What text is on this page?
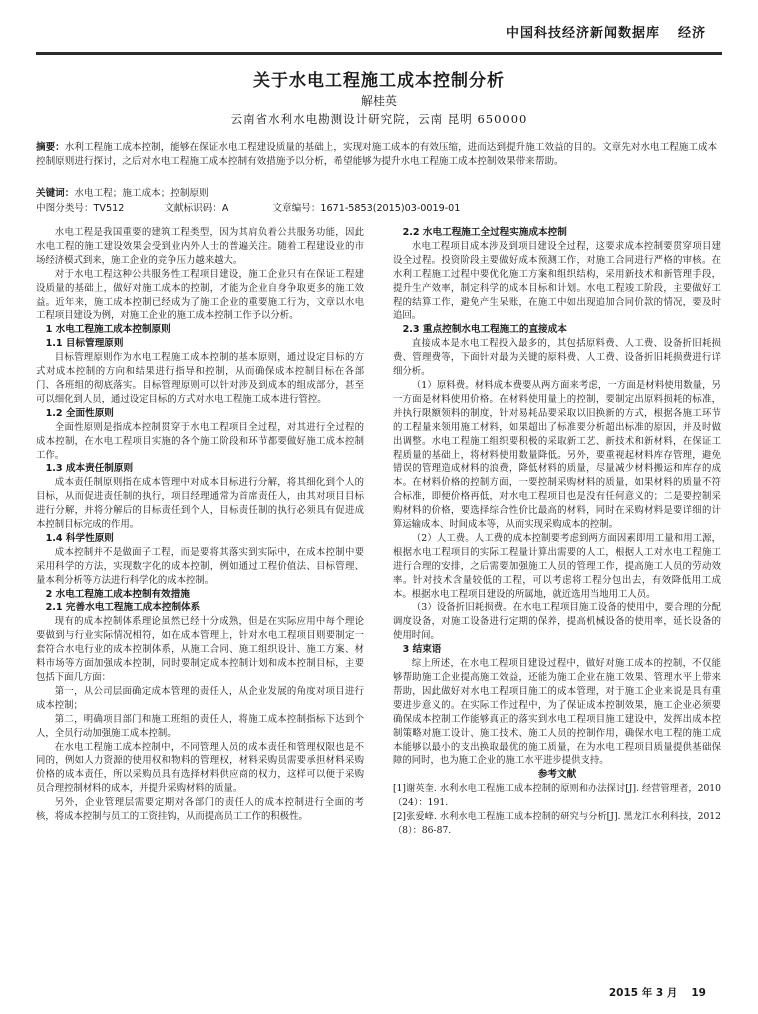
中国科技经济新闻数据库 经济
关于水电工程施工成本控制分析
解桂英
云南省水利水电勘测设计研究院，云南 昆明 650000
摘要：水利工程施工成本控制，能够在保证水电工程建设质量的基础上，实现对施工成本的有效压缩，进而达到提升施工效益的目的。文章先对水电工程施工成本控制原则进行探讨，之后对水电工程施工成本控制有效措施予以分析，希望能够为提升水电工程施工成本控制效果带来帮助。
关键词：水电工程；施工成本；控制原则
中图分类号：TV512	文献标识码：A	文章编号：1671-5853(2015)03-0019-01

水电工程是我国重要的建筑工程类型，因为其肩负着公共服务功能，因此水电工程的施工建设效果会受到业内外人士的普遍关注。随着工程建设业的市场经济模式到来，施工企业的竞争压力越来越大。

对于水电工程这种公共服务性工程项目建设，施工企业只有在保证工程建设质量的基础上，做好对施工成本的控制，才能为企业自身争取更多的施工效益。近年来，施工成本控制已经成为了施工企业的重要施工行为，文章以水电工程项目建设为例，对施工企业的施工成本控制工作予以分析。

1 水电工程施工成本控制原则
1.1 目标管理原则

目标管理原则作为水电工程施工成本控制的基本原则，通过设定目标的方式对成本控制的方向和结果进行指导和控制，从而确保成本控制目标在各部门、各班组的彻底落实。目标管理原则可以针对涉及到成本的组成部分，甚至可以细化到人员，通过设定目标的方式对水电工程施工成本进行管控。

1.2 全面性原则

全面性原则是指成本控制贯穿于水电工程项目全过程，对其进行全过程的成本控制，在水电工程项目实施的各个施工阶段和环节都要做好施工成本控制工作。

1.3 成本责任制原则

成本责任制原则指在成本管理中对成本目标进行分解，将其细化到个人的目标，从而促进责任制的执行，项目经理通常为首席责任人，由其对项目目标进行分解，并将分解后的目标责任到个人，目标责任制的执行必须具有促进成本控制目标完成的作用。

1.4 科学性原则

成本控制并不是做面子工程，而是要将其落实到实际中，在成本控制中要采用科学的方法，实现数字化的成本控制，例如通过工程价值法、目标管理、量本利分析等方法进行科学化的成本控制。

2 水电工程施工成本控制有效措施
2.1 完善水电工程施工成本控制体系

现有的成本控制体系理论虽然已经十分成熟，但是在实际应用中每个理论要做到与行业实际情况相符，如在成本管理上，针对水电工程项目则要制定一套符合水电行业的成本控制体系，从施工合同、施工组织设计、施工方案、材料市场等方面加强成本控制，同时要制定成本控制计划和成本控制目标，主要包括下面几方面：

第一，从公司层面确定成本管理的责任人，从企业发展的角度对项目进行成本控制；

第二，明确项目部门和施工班组的责任人，将施工成本控制指标下达到个人，全员行动加强施工成本控制。

在水电工程施工成本控制中，不同管理人员的成本责任和管理权限也是不同的，例如人力资源的使用权和物料的管理权，材料采购员需要承担材料采购价格的成本责任，所以采购员具有选择材料供应商的权力，这样可以便于采购员合理控制材料的成本，并提升采购材料的质量。

另外，企业管理层需要定期对各部门的责任人的成本控制进行全面的考核，将成本控制与员工的工资挂钩，从而提高员工工作的积极性。

2.2 水电工程施工全过程实施成本控制

水电工程项目成本涉及到项目建设全过程，这要求成本控制要贯穿项目建设全过程。投资阶段主要做好成本预测工作，对施工合同进行严格的审核。在水利工程施工过程中要优化施工方案和组织结构，采用新技术和新管理手段，提升生产效率，制定科学的成本目标和计划。水电工程竣工阶段，主要做好工程的结算工作，避免产生呆账，在施工中如出现追加合同价款的情况，要及时追回。

2.3 重点控制水电工程施工的直接成本

直接成本是水电工程投入最多的，其包括原料费、人工费、设备折旧耗损费、管理费等，下面针对最为关键的原料费、人工费、设备折旧耗损费进行详细分析。

（1）原料费。材料成本费要从两方面来考虑，一方面是材料使用数量，另一方面是材料使用价格。在材料使用量上的控制，要制定出原料损耗的标准，并执行限额领料的制度，针对易耗品要采取以旧换新的方式，根据各施工环节的工程量来领用施工材料，如果超出了标准要分析超出标准的原因，并及时做出调整。水电工程施工组织要积极的采取新工艺、新技术和新材料，在保证工程质量的基础上，将材料使用数量降低。另外，要重视起材料库存管理，避免错误的管理造成材料的浪费，降低材料的质量，尽量减少材料搬运和库存的成本。在材料价格的控制方面，一要控制采购材料的质量，如果材料的质量不符合标准，即便价格再低，对水电工程项目也是没有任何意义的；二是要控制采购材料的价格，要选择综合性价比最高的材料，同时在采购材料是要详细的计算运输成本、时间成本等，从而实现采购成本的控制。

（2）人工费。人工费的成本控制要考虑到两方面因素即用工量和用工源，根据水电工程项目的实际工程量计算出需要的人工，根据人工对水电工程施工进行合理的安排，之后需要加强施工人员的管理工作，提高施工人员的劳动效率。针对技术含量较低的工程，可以考虑将工程分包出去，有效降低用工成本。根据水电工程项目建设的所属地，就近选用当地用工人员。

（3）设备折旧耗损费。在水电工程项目施工设备的使用中，要合理的分配调度设备，对施工设备进行定期的保养，提高机械设备的使用率，延长设备的使用时间。

3 结束语

综上所述，在水电工程项目建设过程中，做好对施工成本的控制，不仅能够帮助施工企业提高施工效益，还能为施工企业在施工效果、管理水平上带来帮助，因此做好对水电工程项目施工的成本管理，对于施工企业来说是具有重要进步意义的。在实际工作过程中，为了保证成本控制效果，施工企业必须要确保成本控制工作能够真正的落实到水电工程项目施工建设中，发挥出成本控制策略对施工设计、施工技术、施工人员的控制作用，确保水电工程的施工成本能够以最小的支出换取最优的施工质量，在为水电工程项目质量提供基础保障的同时，也为施工企业的施工水平进步提供支持。

参考文献

[1]谢英奎. 水利水电工程施工成本控制的原则和办法探讨[J]. 经营管理者，2010（24）：191.

[2]张爱峰. 水利水电工程施工成本控制的研究与分析[J]. 黑龙江水利科技，2012（8）：86-87.

2015 年 3 月 19
